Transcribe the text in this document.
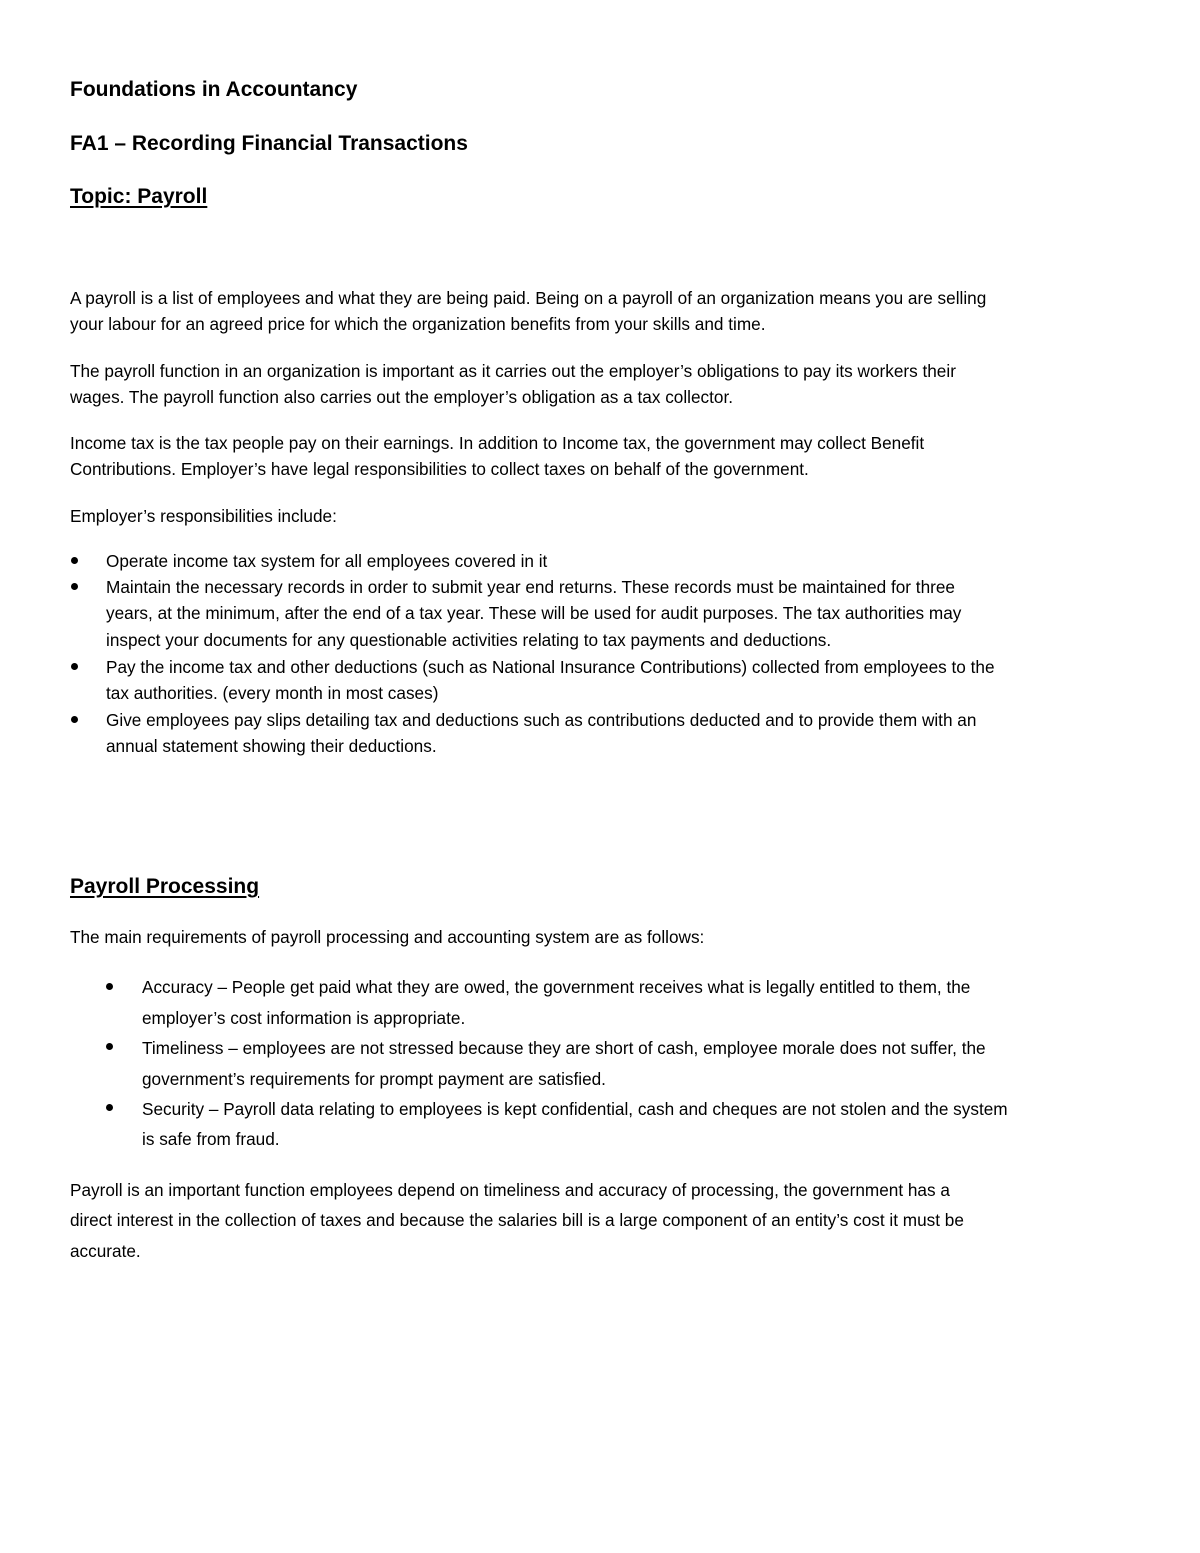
Foundations in Accountancy
FA1 – Recording Financial Transactions
Topic: Payroll
A payroll is a list of employees and what they are being paid. Being on a payroll of an organization means you are selling
your labour for an agreed price for which the organization benefits from your skills and time.
The payroll function in an organization is important as it carries out the employer’s obligations to pay its workers their
wages. The payroll function also carries out the employer’s obligation as a tax collector.
Income tax is the tax people pay on their earnings. In addition to Income tax, the government may collect Benefit
Contributions. Employer’s have legal responsibilities to collect taxes on behalf of the government.
Employer’s responsibilities include:
Operate income tax system for all employees covered in it
Maintain the necessary records in order to submit year end returns. These records must be maintained for three
years, at the minimum, after the end of a tax year. These will be used for audit purposes. The tax authorities may
inspect your documents for any questionable activities relating to tax payments and deductions.
Pay the income tax and other deductions (such as National Insurance Contributions) collected from employees to the
tax authorities. (every month in most cases)
Give employees pay slips detailing tax and deductions such as contributions deducted and to provide them with an
annual statement showing their deductions.
Payroll Processing
The main requirements of payroll processing and accounting system are as follows:
Accuracy – People get paid what they are owed, the government receives what is legally entitled to them, the
employer’s cost information is appropriate.
Timeliness – employees are not stressed because they are short of cash, employee morale does not suffer, the
government’s requirements for prompt payment are satisfied.
Security – Payroll data relating to employees is kept confidential, cash and cheques are not stolen and the system
is safe from fraud.
Payroll is an important function employees depend on timeliness and accuracy of processing, the government has a
direct interest in the collection of taxes and because the salaries bill is a large component of an entity’s cost it must be
accurate.
